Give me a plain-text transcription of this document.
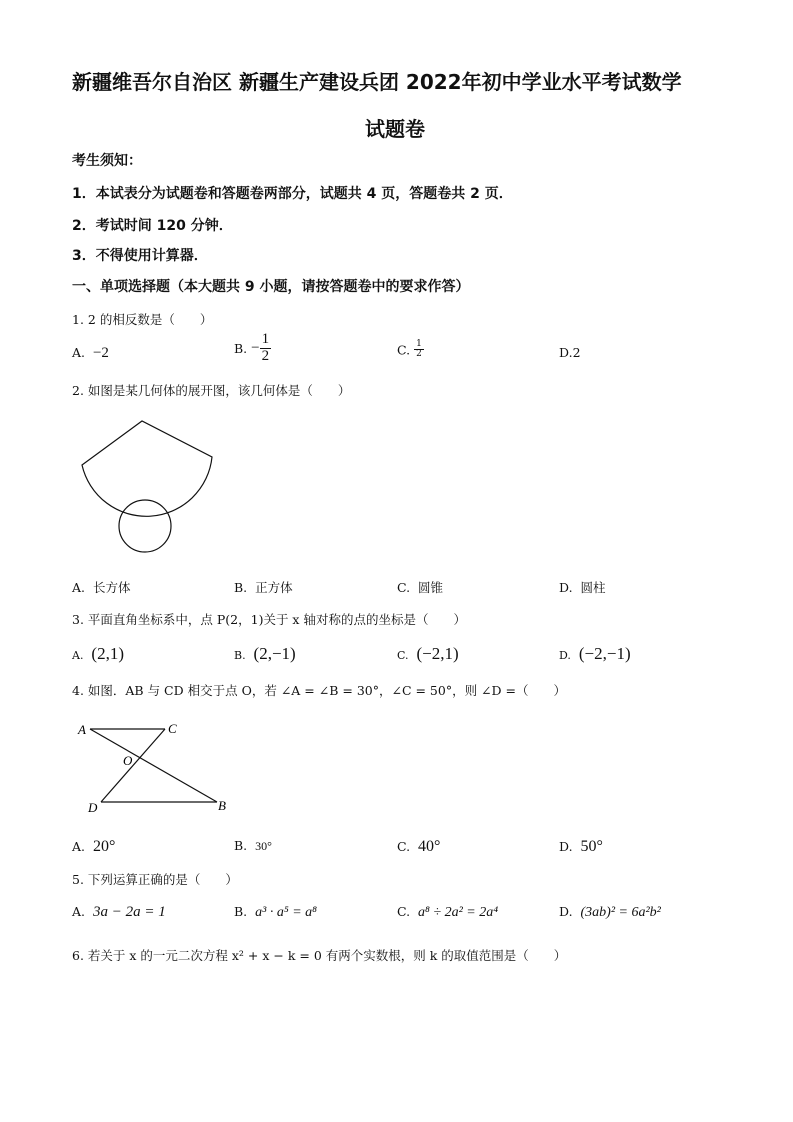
新疆维吾尔自治区 新疆生产建设兵团 2022年初中学业水平考试数学
试题卷
考生须知：
1．本试表分为试题卷和答题卷两部分，试题共 4 页，答题卷共 2 页．
2．考试时间 120 分钟．
3．不得使用计算器．
一、单项选择题（本大题共 9 小题，请按答题卷中的要求作答）
1. 2 的相反数是（　　）
A. −2	B. − $\frac{1}{2}$	C. $\frac{1}{2}$	D.2
2. 如图是某几何体的展开图，该几何体是（　　）
A. 长方体	B. 正方体	C. 圆锥	D. 圆柱
3. 平面直角坐标系中，点 P(2，1)关于 x 轴对称的点的坐标是（　　）
A. (2,1)	B. (2,−1)	C. (−2,1)	D. (−2,−1)
4. 如图．AB 与 CD 相交于点 O，若 ∠A = ∠B = 30°，∠C = 50°，则 ∠D =（　　）
A	C
O
D	B
A. 20°	B. 30°	C. 40°	D. 50°
5. 下列运算正确的是（　　）
A. 3a − 2a = 1	B. a³ · a⁵ = a⁸	C. a⁸ ÷ 2a² = 2a⁴	D. (3ab)² = 6a²b²
6. 若关于 x 的一元二次方程 x² + x − k = 0 有两个实数根，则 k 的取值范围是（　　）
